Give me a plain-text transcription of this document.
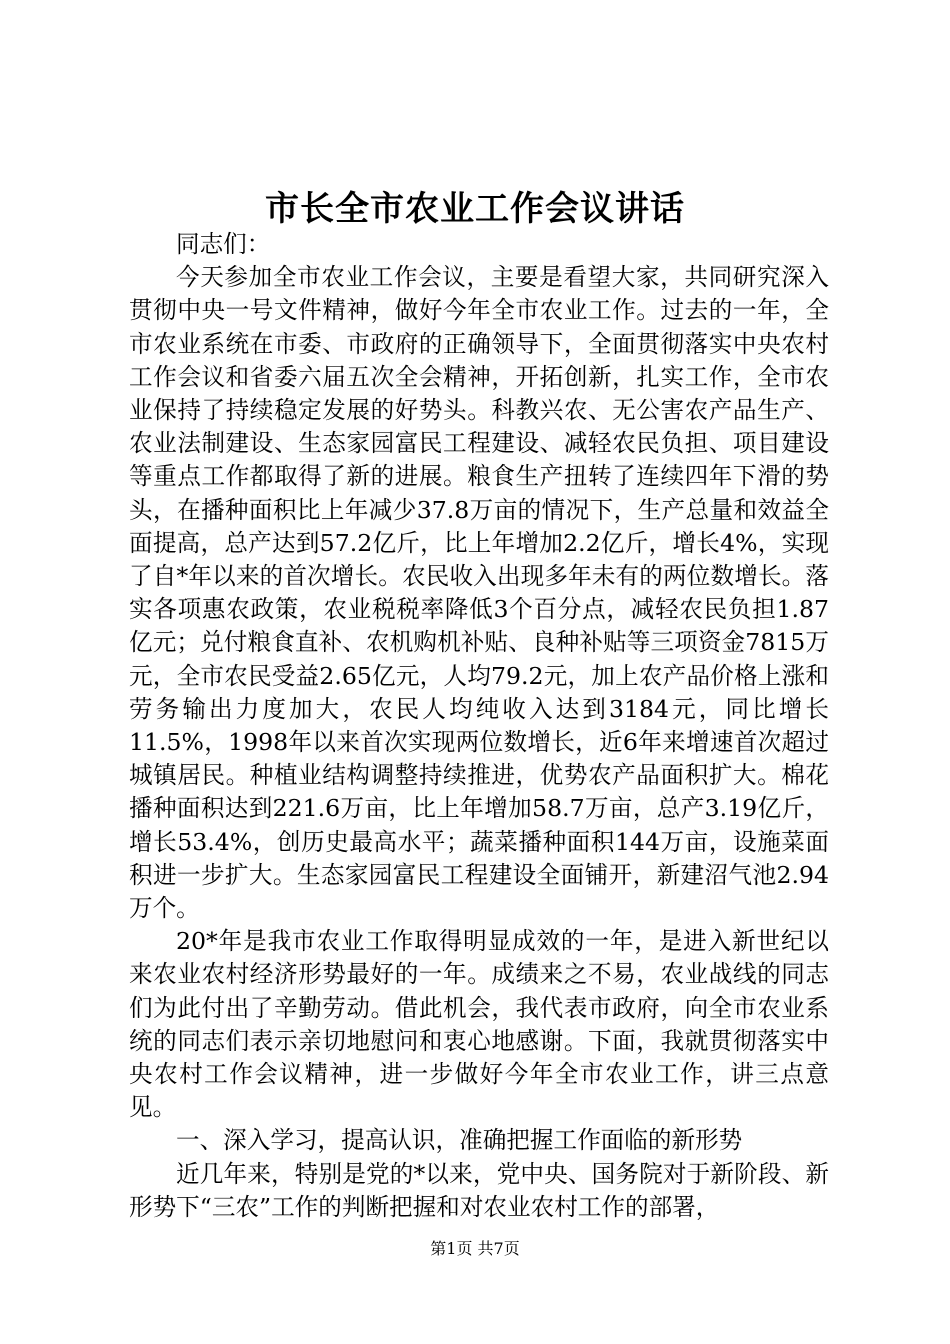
市长全市农业工作会议讲话

同志们：

今天参加全市农业工作会议，主要是看望大家，共同研究深入贯彻中央一号文件精神，做好今年全市农业工作。过去的一年，全市农业系统在市委、市政府的正确领导下，全面贯彻落实中央农村工作会议和省委六届五次全会精神，开拓创新，扎实工作，全市农业保持了持续稳定发展的好势头。科教兴农、无公害农产品生产、农业法制建设、生态家园富民工程建设、减轻农民负担、项目建设等重点工作都取得了新的进展。粮食生产扭转了连续四年下滑的势头，在播种面积比上年减少37.8万亩的情况下，生产总量和效益全面提高，总产达到57.2亿斤，比上年增加2.2亿斤，增长4%，实现了自*年以来的首次增长。农民收入出现多年未有的两位数增长。落实各项惠农政策，农业税税率降低3个百分点，减轻农民负担1.87亿元；兑付粮食直补、农机购机补贴、良种补贴等三项资金7815万元，全市农民受益2.65亿元，人均79.2元，加上农产品价格上涨和劳务输出力度加大，农民人均纯收入达到3184元，同比增长11.5%，1998年以来首次实现两位数增长，近6年来增速首次超过城镇居民。种植业结构调整持续推进，优势农产品面积扩大。棉花播种面积达到221.6万亩，比上年增加58.7万亩，总产3.19亿斤，增长53.4%，创历史最高水平；蔬菜播种面积144万亩，设施菜面积进一步扩大。生态家园富民工程建设全面铺开，新建沼气池2.94万个。

20*年是我市农业工作取得明显成效的一年，是进入新世纪以来农业农村经济形势最好的一年。成绩来之不易，农业战线的同志们为此付出了辛勤劳动。借此机会，我代表市政府，向全市农业系统的同志们表示亲切地慰问和衷心地感谢。下面，我就贯彻落实中央农村工作会议精神，进一步做好今年全市农业工作，讲三点意见。

一、深入学习，提高认识，准确把握工作面临的新形势

近几年来，特别是党的*以来，党中央、国务院对于新阶段、新形势下“三农”工作的判断把握和对农业农村工作的部署，

第1页 共7页
